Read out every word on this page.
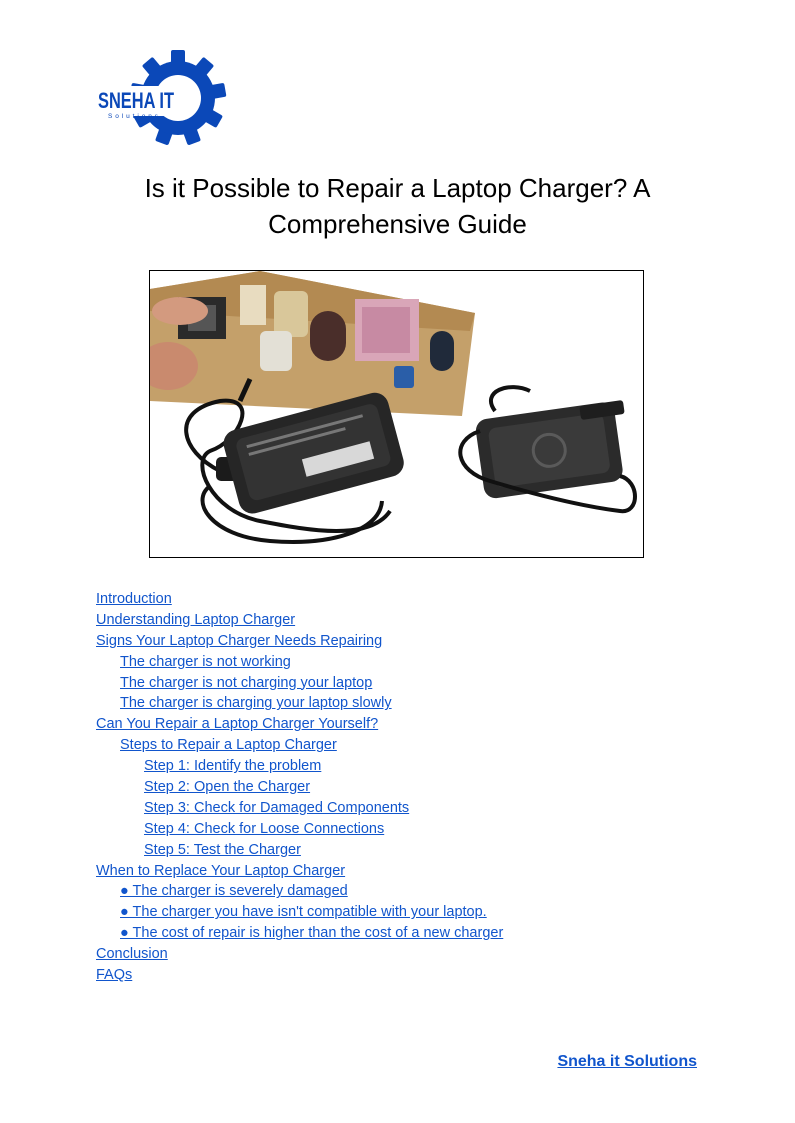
SNEHA IT
Solutions
Is it Possible to Repair a Laptop Charger? A Comprehensive Guide
Introduction
Understanding Laptop Charger
Signs Your Laptop Charger Needs Repairing
The charger is not working
The charger is not charging your laptop
The charger is charging your laptop slowly
Can You Repair a Laptop Charger Yourself?
Steps to Repair a Laptop Charger
Step 1: Identify the problem
Step 2: Open the Charger
Step 3: Check for Damaged Components
Step 4: Check for Loose Connections
Step 5: Test the Charger
When to Replace Your Laptop Charger
● The charger is severely damaged
● The charger you have isn't compatible with your laptop.
● The cost of repair is higher than the cost of a new charger
Conclusion
FAQs
Sneha it Solutions
